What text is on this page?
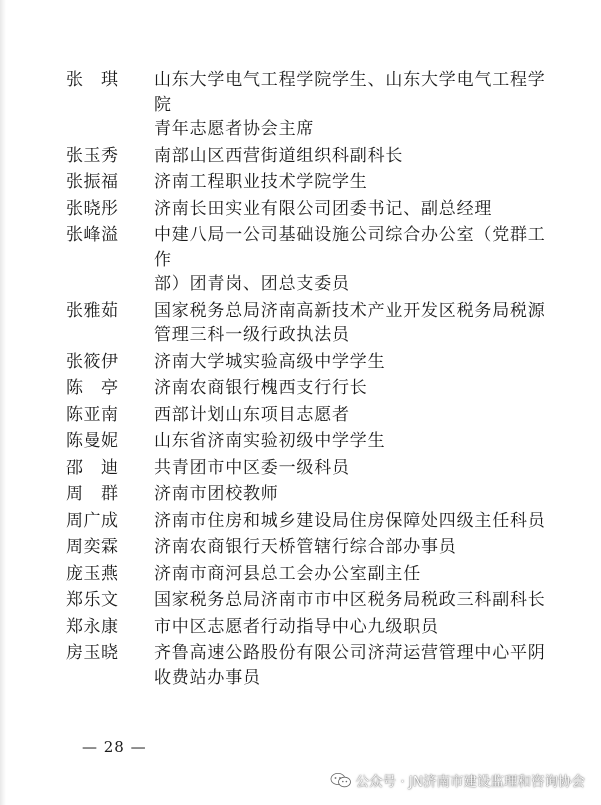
张　琪	山东大学电气工程学院学生、山东大学电气工程学院
青年志愿者协会主席
张玉秀	南部山区西营街道组织科副科长
张振福	济南工程职业技术学院学生
张晓彤	济南长田实业有限公司团委书记、副总经理
张峰溢	中建八局一公司基础设施公司综合办公室（党群工作
部）团青岗、团总支委员
张雅茹	国家税务总局济南高新技术产业开发区税务局税源
管理三科一级行政执法员
张筱伊	济南大学城实验高级中学学生
陈　亭	济南农商银行槐西支行行长
陈亚南	西部计划山东项目志愿者
陈曼妮	山东省济南实验初级中学学生
邵　迪	共青团市中区委一级科员
周　群	济南市团校教师
周广成	济南市住房和城乡建设局住房保障处四级主任科员
周奕霖	济南农商银行天桥管辖行综合部办事员
庞玉燕	济南市商河县总工会办公室副主任
郑乐文	国家税务总局济南市市中区税务局税政三科副科长
郑永康	市中区志愿者行动指导中心九级职员
房玉晓	齐鲁高速公路股份有限公司济菏运营管理中心平阴
收费站办事员
— 28 —
公众号 · JN济南市建设监理和咨询协会
